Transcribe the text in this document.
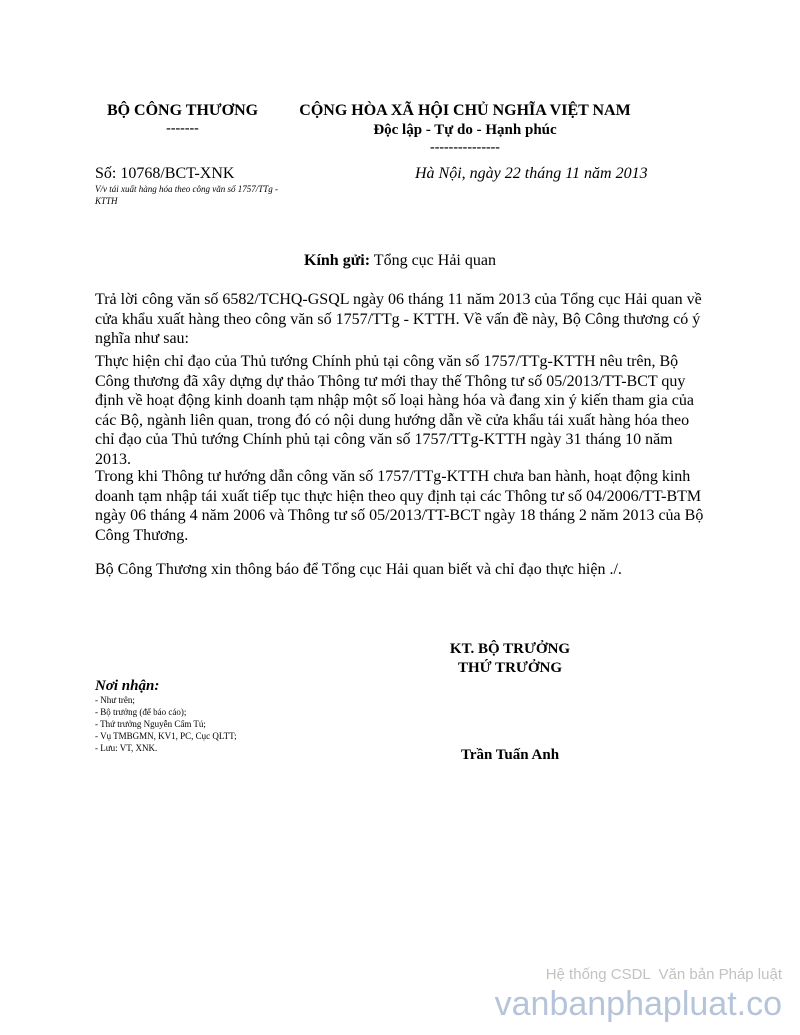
BỘ CÔNG THƯƠNG
-------
CỘNG HÒA XÃ HỘI CHỦ NGHĨA VIỆT NAM
Độc lập - Tự do - Hạnh phúc
---------------
Số: 10768/BCT-XNK
V/v tái xuất hàng hóa theo công văn số 1757/TTg - KTTH
Hà Nội, ngày 22 tháng 11 năm 2013
Kính gửi: Tổng cục Hải quan
Trả lời công văn số 6582/TCHQ-GSQL ngày 06 tháng 11 năm 2013 của Tổng cục Hải quan về cửa khẩu xuất hàng theo công văn số 1757/TTg - KTTH. Về vấn đề này, Bộ Công thương có ý nghĩa như sau:
Thực hiện chỉ đạo của Thủ tướng Chính phủ tại công văn số 1757/TTg-KTTH nêu trên, Bộ Công thương đã xây dựng dự thảo Thông tư mới thay thế Thông tư số 05/2013/TT-BCT quy định về hoạt động kinh doanh tạm nhập một số loại hàng hóa và đang xin ý kiến tham gia của các Bộ, ngành liên quan, trong đó có nội dung hướng dẫn về cửa khẩu tái xuất hàng hóa theo chỉ đạo của Thủ tướng Chính phủ tại công văn số 1757/TTg-KTTH ngày 31 tháng 10 năm 2013.
Trong khi Thông tư hướng dẫn công văn số 1757/TTg-KTTH chưa ban hành, hoạt động kinh doanh tạm nhập tái xuất tiếp tục thực hiện theo quy định tại các Thông tư số 04/2006/TT-BTM ngày 06 tháng 4 năm 2006 và Thông tư số 05/2013/TT-BCT ngày 18 tháng 2 năm 2013 của Bộ Công Thương.
Bộ Công Thương xin thông báo để Tổng cục Hải quan biết và chỉ đạo thực hiện ./.
KT. BỘ TRƯỞNG
THỨ TRƯỞNG
Trần Tuấn Anh
Nơi nhận:
- Như trên;
- Bộ trưởng (để báo cáo);
- Thứ trưởng Nguyễn Cẩm Tú;
- Vụ TMBGMN, KV1, PC, Cục QLTT;
- Lưu: VT, XNK.
Hệ thống CSDL  Văn bản Pháp luật
vanbanphapluat.co
